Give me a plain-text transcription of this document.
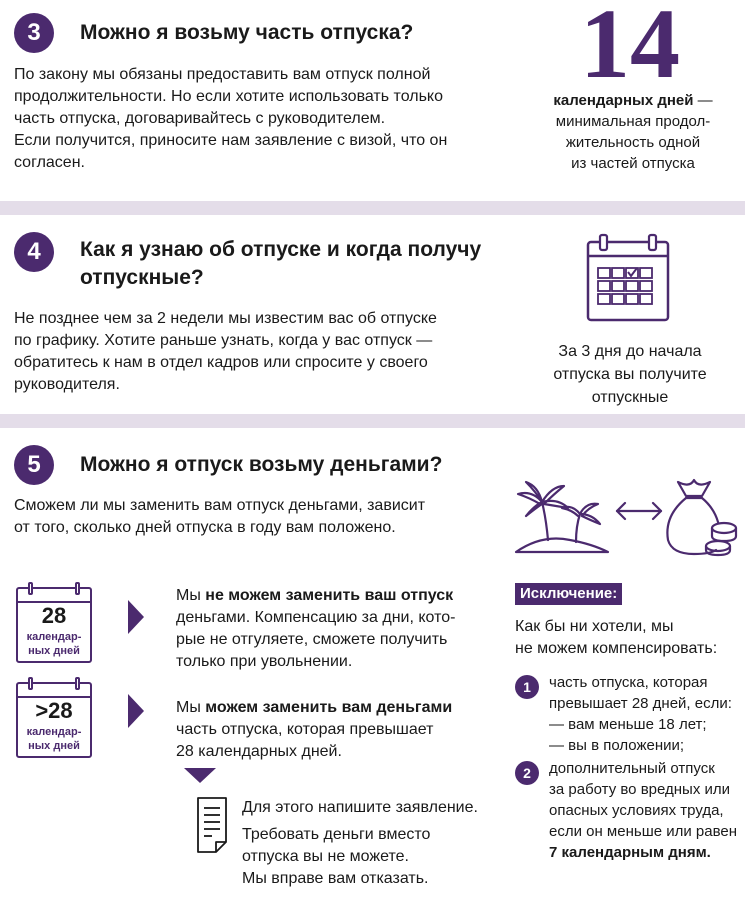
3	Можно я возьму часть отпуска?
По закону мы обязаны предоставить вам отпуск полной
продолжительности. Но если хотите использовать только
часть отпуска, договаривайтесь с руководителем.
Если получится, приносите нам заявление с визой, что он
согласен.
14
календарных дней —
минимальная продол-
жительность одной
из частей отпуска
4	Как я узнаю об отпуске и когда получу
отпускные?
Не позднее чем за 2 недели мы известим вас об отпуске
по графику. Хотите раньше узнать, когда у вас отпуск —
обратитесь к нам в отдел кадров или спросите у своего
руководителя.
За 3 дня до начала
отпуска вы получите
отпускные
5	Можно я отпуск возьму деньгами?
Сможем ли мы заменить вам отпуск деньгами, зависит
от того, сколько дней отпуска в году вам положено.
28
календар-
ных дней
Мы не можем заменить ваш отпуск
деньгами. Компенсацию за дни, кото-
рые не отгуляете, сможете получить
только при увольнении.
>28
календар-
ных дней
Мы можем заменить вам деньгами
часть отпуска, которая превышает
28 календарных дней.
Для этого напишите заявление.
Требовать деньги вместо
отпуска вы не можете.
Мы вправе вам отказать.
Исключение:
Как бы ни хотели, мы
не можем компенсировать:
1	часть отпуска, которая
превышает 28 дней, если:
— вам меньше 18 лет;
— вы в положении;
2	дополнительный отпуск
за работу во вредных или
опасных условиях труда,
если он меньше или равен
7 календарным дням.
